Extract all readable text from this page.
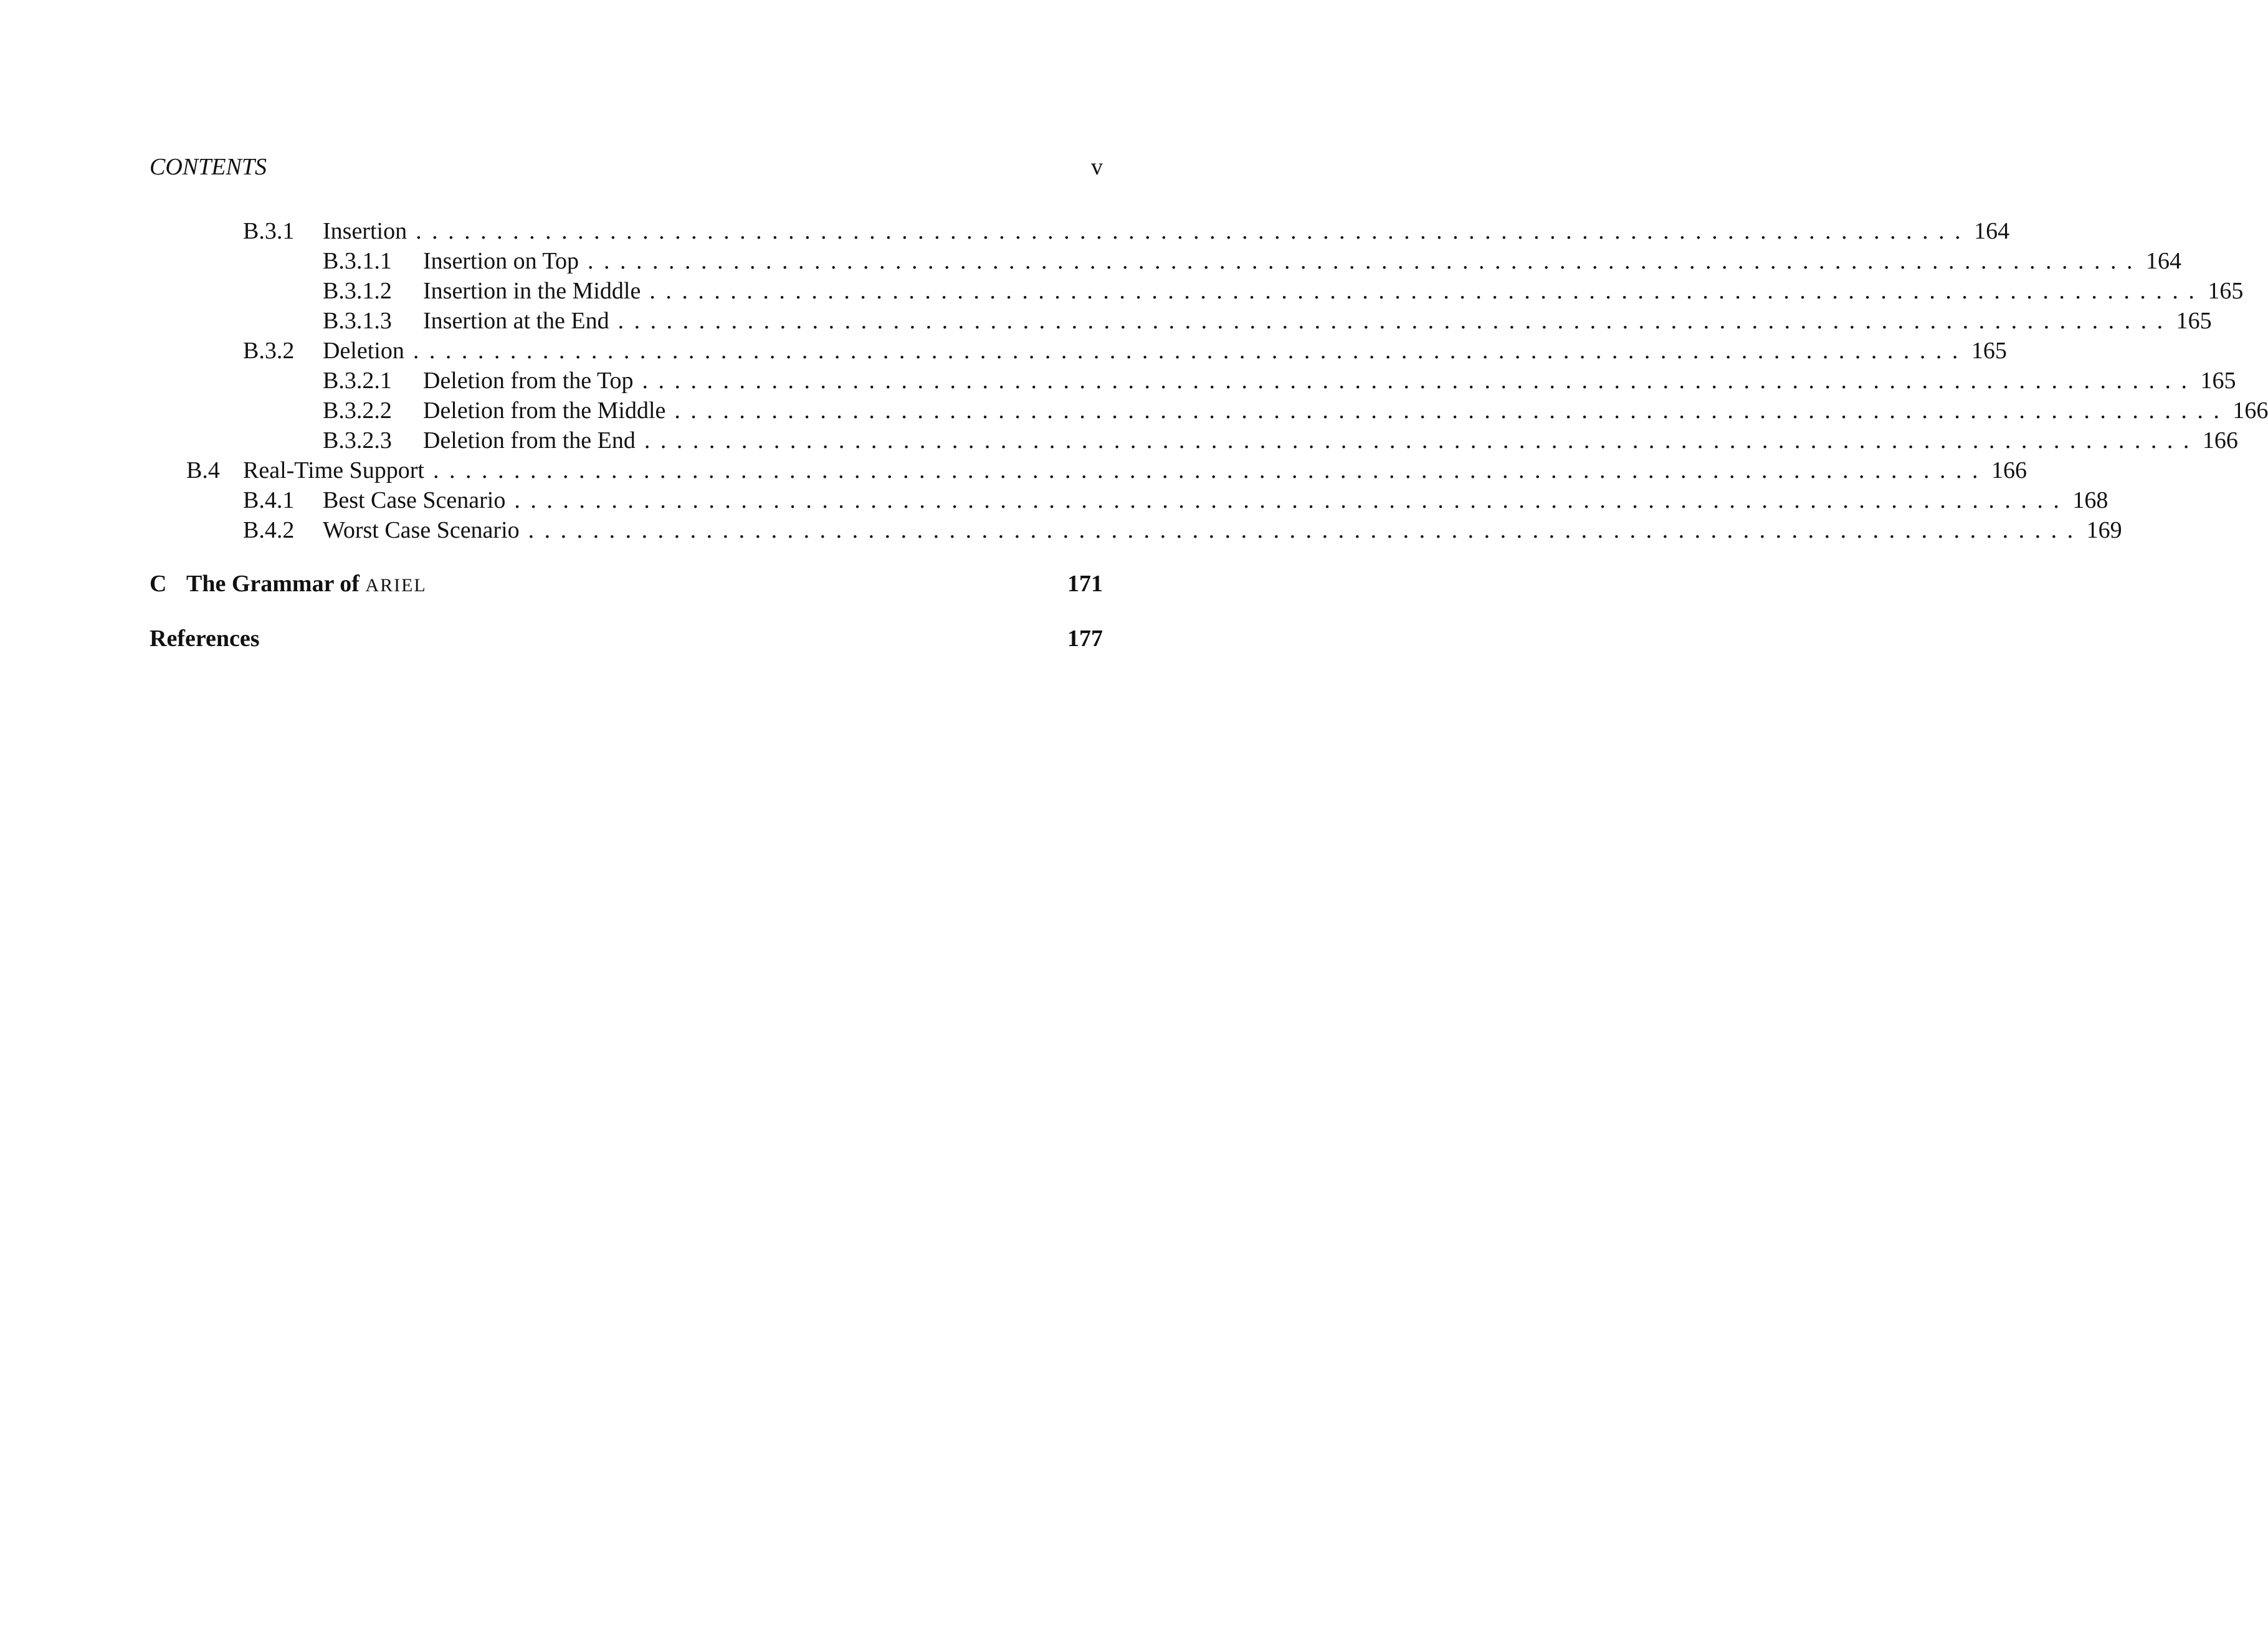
CONTENTS	v
B.3.1 Insertion ................................................................................................ 164
B.3.1.1 Insertion on Top ................................................................................................ 164
B.3.1.2 Insertion in the Middle ................................................................................................ 165
B.3.1.3 Insertion at the End ................................................................................................ 165
B.3.2 Deletion ................................................................................................ 165
B.3.2.1 Deletion from the Top ................................................................................................ 165
B.3.2.2 Deletion from the Middle ................................................................................................ 166
B.3.2.3 Deletion from the End ................................................................................................ 166
B.4 Real-Time Support ................................................................................................ 166
B.4.1 Best Case Scenario ................................................................................................ 168
B.4.2 Worst Case Scenario ................................................................................................ 169
C The Grammar of ARIEL	171
References	177
